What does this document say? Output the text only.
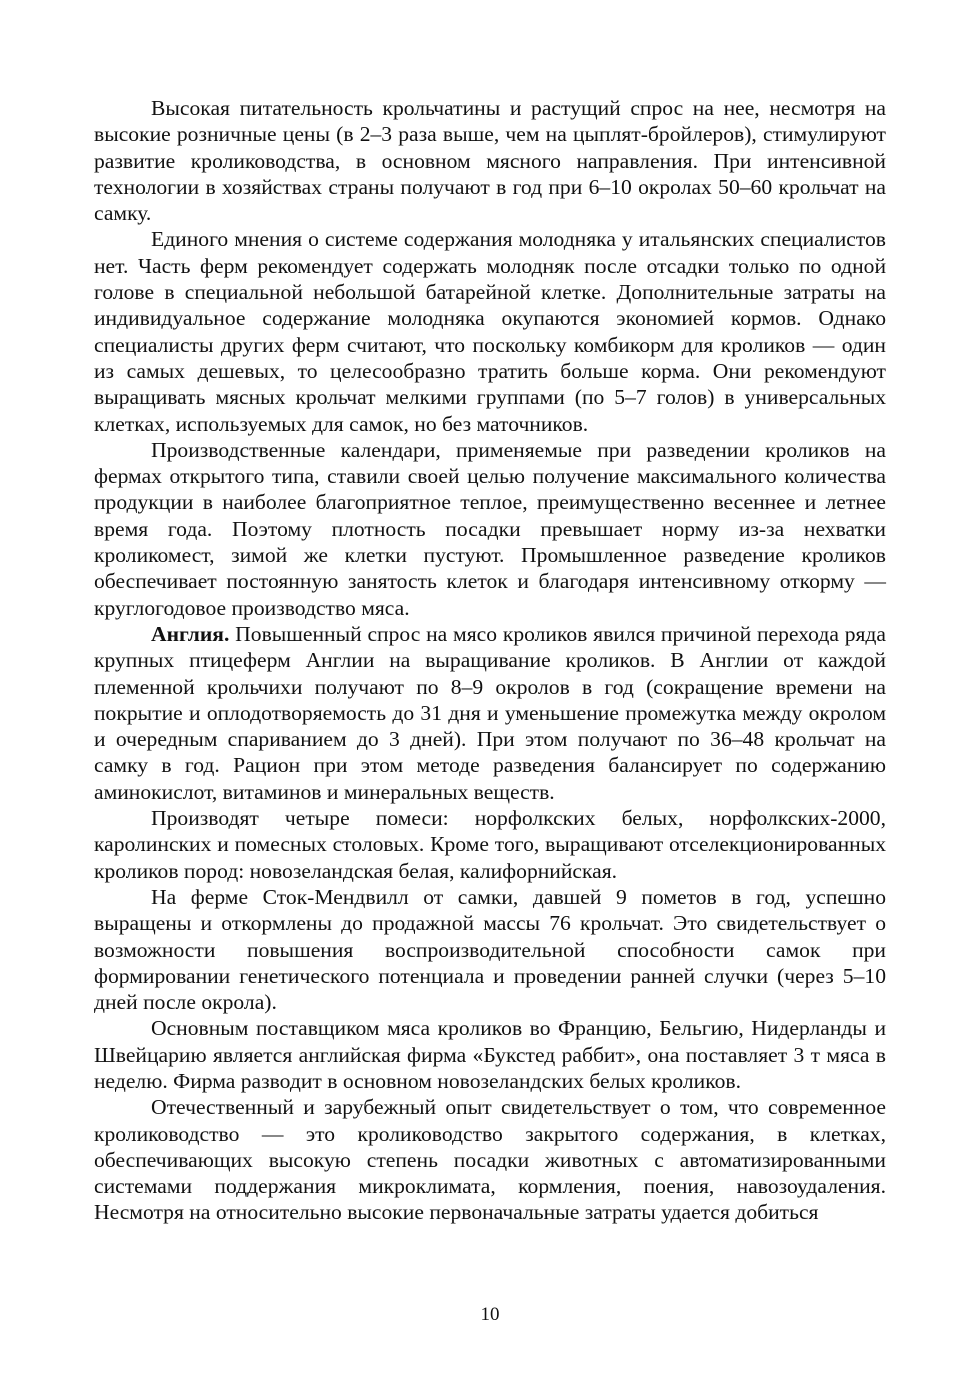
Высокая питательность крольчатины и растущий спрос на нее, несмотря на высокие розничные цены (в 2–3 раза выше, чем на цыплят-бройлеров), стимулируют развитие кролиководства, в основном мясного направления. При интенсивной технологии в хозяйствах страны получают в год при 6–10 окролах 50–60 крольчат на самку.

Единого мнения о системе содержания молодняка у итальянских специалистов нет. Часть ферм рекомендует содержать молодняк после отсадки только по одной голове в специальной небольшой батарейной клетке. Дополнительные затраты на индивидуальное содержание молодняка окупаются экономией кормов. Однако специалисты других ферм считают, что поскольку комбикорм для кроликов — один из самых дешевых, то целесообразно тратить больше корма. Они рекомендуют выращивать мясных крольчат мелкими группами (по 5–7 голов) в универсальных клетках, используемых для самок, но без маточников.

Производственные календари, применяемые при разведении кроликов на фермах открытого типа, ставили своей целью получение максимального количества продукции в наиболее благоприятное теплое, преимущественно весеннее и летнее время года. Поэтому плотность посадки превышает норму из-за нехватки кроликомест, зимой же клетки пустуют. Промышленное разведение кроликов обеспечивает постоянную занятость клеток и благодаря интенсивному откорму — круглогодовое производство мяса.

Англия. Повышенный спрос на мясо кроликов явился причиной перехода ряда крупных птицеферм Англии на выращивание кроликов. В Англии от каждой племенной крольчихи получают по 8–9 окролов в год (сокращение времени на покрытие и оплодотворяемость до 31 дня и уменьшение промежутка между окролом и очередным спариванием до 3 дней). При этом получают по 36–48 крольчат на самку в год. Рацион при этом методе разведения балансирует по содержанию аминокислот, витаминов и минеральных веществ.

Производят четыре помеси: норфолкских белых, норфолкских-2000, каролинских и помесных столовых. Кроме того, выращивают отселекционированных кроликов пород: новозеландская белая, калифорнийская.

На ферме Сток-Мендвилл от самки, давшей 9 пометов в год, успешно выращены и откормлены до продажной массы 76 крольчат. Это свидетельствует о возможности повышения воспроизводительной способности самок при формировании генетического потенциала и проведении ранней случки (через 5–10 дней после окрола).

Основным поставщиком мяса кроликов во Францию, Бельгию, Нидерланды и Швейцарию является английская фирма «Букстед раббит», она поставляет 3 т мяса в неделю. Фирма разводит в основном новозеландских белых кроликов.

Отечественный и зарубежный опыт свидетельствует о том, что современное кролиководство — это кролиководство закрытого содержания, в клетках, обеспечивающих высокую степень посадки животных с автоматизированными системами поддержания микроклимата, кормления, поения, навозоудаления. Несмотря на относительно высокие первоначальные затраты удается добиться

10
